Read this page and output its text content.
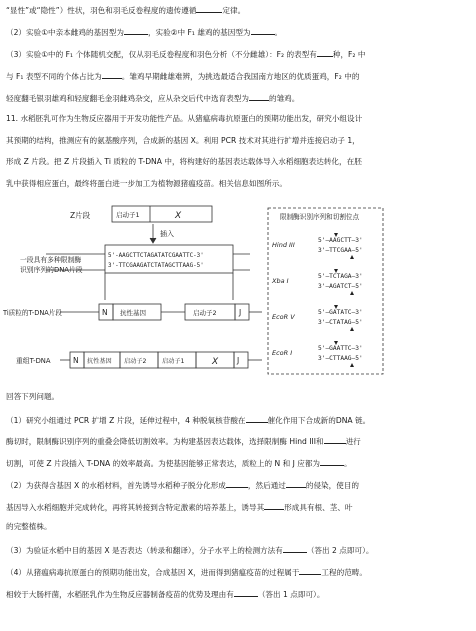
“显性”或“隐性”）性状，羽色和羽毛反卷程度的遗传遵循	定律。
（2）实验①中亲本雌鸡的基因型为	，实验②中 F₁ 雄鸡的基因型为	。
（3）实验①中的 F₁ 个体随机交配，仅从羽毛反卷程度和羽色分析（不分雌雄）：F₂ 的表型有 种，F₂ 中
与 F₁ 表型不同的个体占比为	。雏鸡早期雌雄难辨，为挑选最适合我国南方地区的优质蛋鸡，F₂ 中的
轻度翻毛银羽雄鸡和轻度翻毛金羽雌鸡杂交，应从杂交后代中选育表型为	的雏鸡。
11. 水稻胚乳可作为生物反应器用于开发功能性产品。从猪瘟病毒抗原蛋白的预期功能出发，研究小组设计
其预期的结构，推测应有的氨基酸序列，合成新的基因 X。利用 PCR 技术对其进行扩增并连接启动子 1，
形成 Z 片段。把 Z 片段插入 Ti 质粒的 T-DNA 中，将构建好的基因表达载体导入水稻细胞表达转化，在胚
乳中获得相应蛋白，最终将蛋白进一步加工为植物源猪瘟疫苗。相关信息如图所示。
Z片段	启动子1	X
插入
一段具有多种限制酶
识别序列的DNA片段
5'-AAGCTTCTAGATATCGAATTC-3'
3'-TTCGAAGATCTATAGCTTAAG-5'
Ti质粒的T-DNA片段	N 抗性基因	启动子2	J
重组T-DNA	N 抗性基因 启动子2	启动子1	X	J
限制酶识别序列和切割位点
Hind III
5'–AAGCTT–3'
3'–TTCGAA–5'
Xba I
5'–TCTAGA–3'
3'–AGATCT–5'
EcoR V
5'–GATATC–3'
3'–CTATAG–5'
EcoR I
5'–GAATTC–3'
3'–CTTAAG–5'
回答下列问题。
（1）研究小组通过 PCR 扩增 Z 片段，延伸过程中，4 种脱氧核苷酸在	催化作用下合成新的DNA 链。
酶切时，限制酶识别序列的重叠会降低切割效率。为构建基因表达载体，选择限制酶 Hind III和	进行
切割，可使 Z 片段插入 T-DNA 的效率最高。为使基因能够正常表达，质粒上的 N 和 J 应都为	。
（2）为获得含基因 X 的水稻材料，首先诱导水稻种子脱分化形成	，然后通过	的侵染，使目的
基因导入水稻细胞并完成转化，再将其转接到含特定激素的培养基上，诱导其	形成具有根、茎、叶
的完整植株。
（3）为验证水稻中目的基因 X 是否表达（转录和翻译），分子水平上的检测方法有	（答出 2 点即可）。
（4）从猪瘟病毒抗原蛋白的预期功能出发，合成基因 X，进而得到猪瘟疫苗的过程属于	工程的范畴。
相较于大肠杆菌，水稻胚乳作为生物反应器制备疫苗的优势及理由有	（答出 1 点即可）。
